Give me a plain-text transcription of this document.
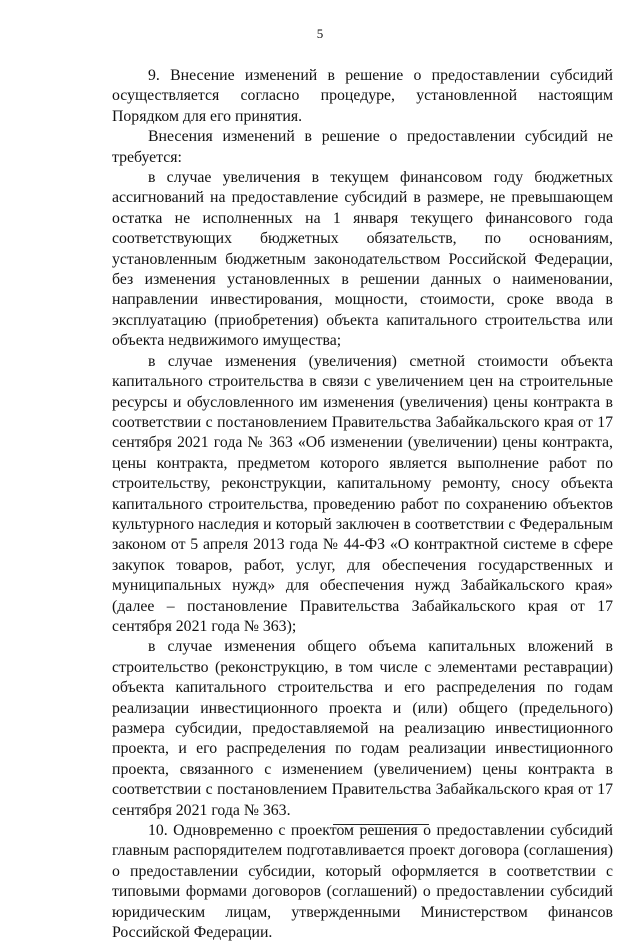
5

9. Внесение изменений в решение о предоставлении субсидий осуществляется согласно процедуре, установленной настоящим Порядком для его принятия.

Внесения изменений в решение о предоставлении субсидий не требуется:

в случае увеличения в текущем финансовом году бюджетных ассигнований на предоставление субсидий в размере, не превышающем остатка не исполненных на 1 января текущего финансового года соответствующих бюджетных обязательств, по основаниям, установленным бюджетным законодательством Российской Федерации, без изменения установленных в решении данных о наименовании, направлении инвестирования, мощности, стоимости, сроке ввода в эксплуатацию (приобретения) объекта капитального строительства или объекта недвижимого имущества;

в случае изменения (увеличения) сметной стоимости объекта капитального строительства в связи с увеличением цен на строительные ресурсы и обусловленного им изменения (увеличения) цены контракта в соответствии с постановлением Правительства Забайкальского края от 17 сентября 2021 года № 363 «Об изменении (увеличении) цены контракта, цены контракта, предметом которого является выполнение работ по строительству, реконструкции, капитальному ремонту, сносу объекта капитального строительства, проведению работ по сохранению объектов культурного наследия и который заключен в соответствии с Федеральным законом от 5 апреля 2013 года № 44-ФЗ «О контрактной системе в сфере закупок товаров, работ, услуг, для обеспечения государственных и муниципальных нужд» для обеспечения нужд Забайкальского края» (далее – постановление Правительства Забайкальского края от 17 сентября 2021 года № 363);

в случае изменения общего объема капитальных вложений в строительство (реконструкцию, в том числе с элементами реставрации) объекта капитального строительства и его распределения по годам реализации инвестиционного проекта и (или) общего (предельного) размера субсидии, предоставляемой на реализацию инвестиционного проекта, и его распределения по годам реализации инвестиционного проекта, связанного с изменением (увеличением) цены контракта в соответствии с постановлением Правительства Забайкальского края от 17 сентября 2021 года № 363.

10. Одновременно с проектом решения о предоставлении субсидий главным распорядителем подготавливается проект договора (соглашения) о предоставлении субсидии, который оформляется в соответствии с типовыми формами договоров (соглашений) о предоставлении субсидий юридическим лицам, утвержденными Министерством финансов Российской Федерации.
